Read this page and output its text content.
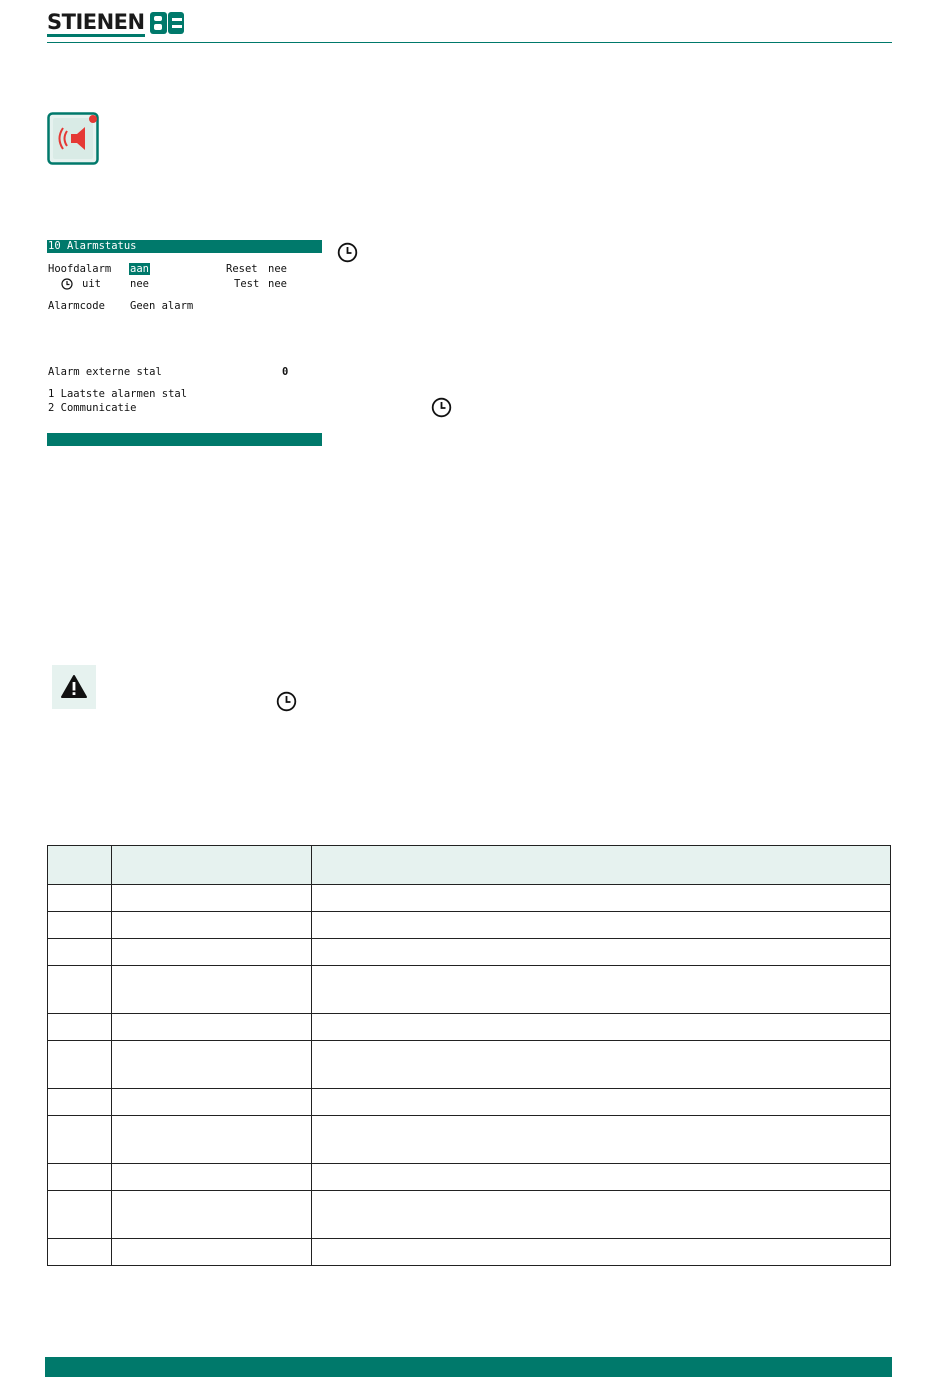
STIENEN
10 Alarmstatus
Hoofdalarm aan	Reset nee
uit	nee	Test nee
Alarmcode Geen alarm
Alarm externe stal	0
1 Laatste alarmen stal
2 Communicatie
